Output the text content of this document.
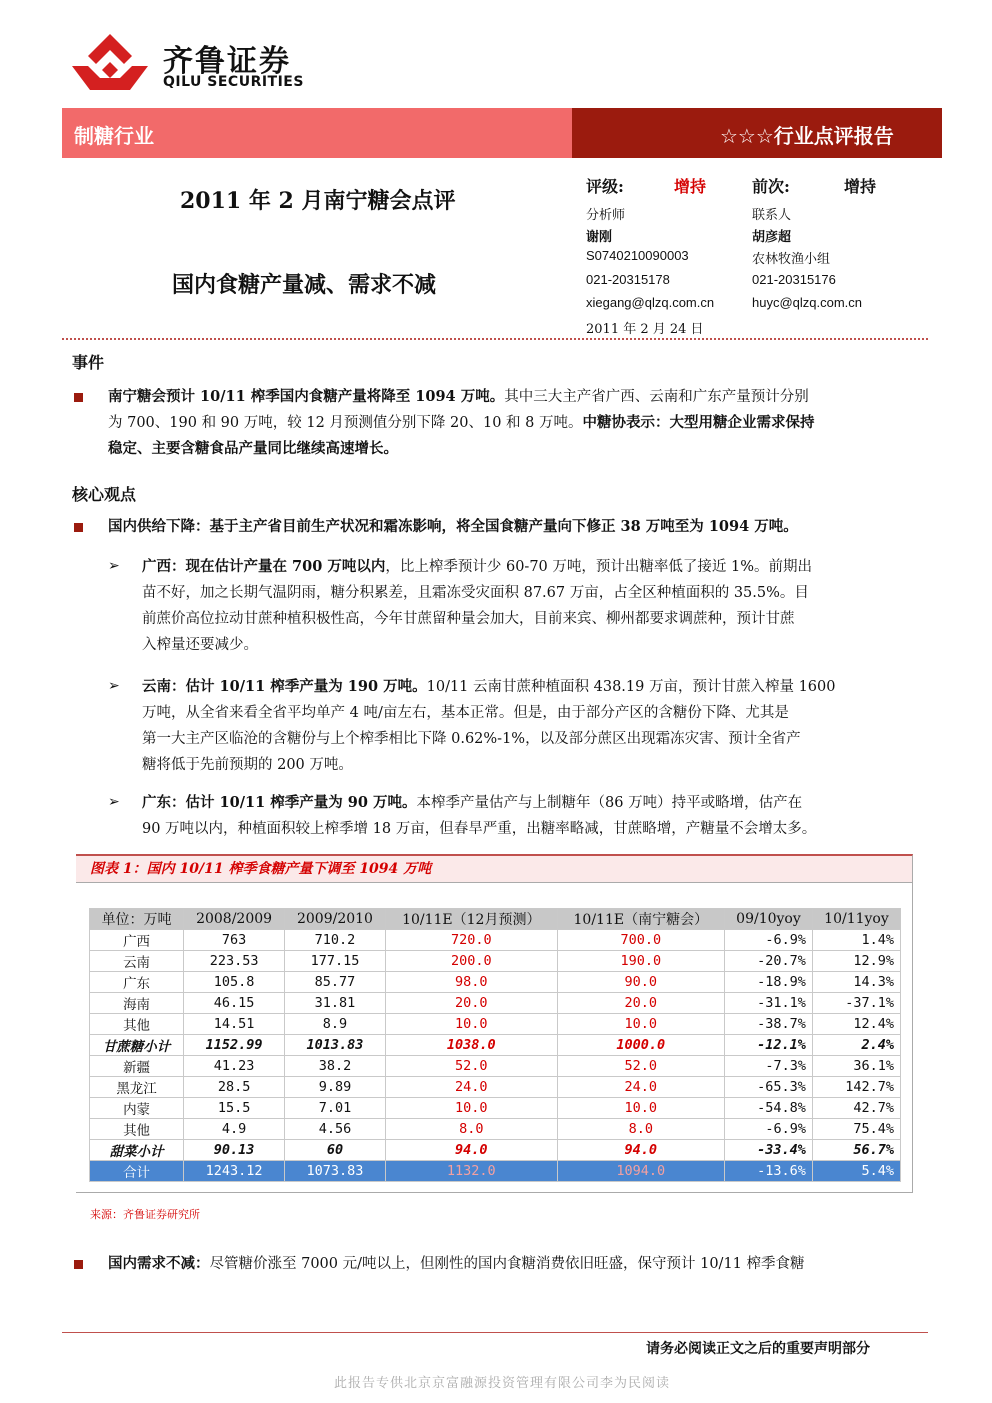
齐鲁证券
QILU SECURITIES
制糖行业	☆☆☆行业点评报告
2011 年 2 月南宁糖会点评
国内食糖产量减、需求不减
评级:	增持	前次:	增持
分析师
谢刚
S0740210090003
021-20315178
xiegang@qlzq.com.cn
2011 年 2 月 24 日
联系人
胡彦超
农林牧渔小组
021-20315176
huyc@qlzq.com.cn
事件
南宁糖会预计 10/11 榨季国内食糖产量将降至 1094 万吨。其中三大主产省广西、云南和广东产量预计分别
为 700、190 和 90 万吨，较 12 月预测值分别下降 20、10 和 8 万吨。中糖协表示：大型用糖企业需求保持
稳定、主要含糖食品产量同比继续高速增长。
核心观点
国内供给下降：基于主产省目前生产状况和霜冻影响，将全国食糖产量向下修正 38 万吨至为 1094 万吨。
➢ 广西：现在估计产量在 700 万吨以内，比上榨季预计少 60-70 万吨，预计出糖率低了接近 1%。前期出
苗不好，加之长期气温阴雨，糖分积累差，且霜冻受灾面积 87.67 万亩，占全区种植面积的 35.5%。目
前蔗价高位拉动甘蔗种植积极性高，今年甘蔗留种量会加大，目前来宾、柳州都要求调蔗种，预计甘蔗
入榨量还要减少。
➢ 云南：估计 10/11 榨季产量为 190 万吨。10/11 云南甘蔗种植面积 438.19 万亩，预计甘蔗入榨量 1600
万吨，从全省来看全省平均单产 4 吨/亩左右，基本正常。但是，由于部分产区的含糖份下降、尤其是
第一大主产区临沧的含糖份与上个榨季相比下降 0.62%-1%，以及部分蔗区出现霜冻灾害、预计全省产
糖将低于先前预期的 200 万吨。
➢ 广东：估计 10/11 榨季产量为 90 万吨。本榨季产量估产与上制糖年（86 万吨）持平或略增，估产在
90 万吨以内，种植面积较上榨季增 18 万亩，但春旱严重，出糖率略减，甘蔗略增，产糖量不会增太多。
图表 1：国内 10/11 榨季食糖产量下调至 1094 万吨
单位：万吨	2008/2009	2009/2010	10/11E（12月预测）	10/11E（南宁糖会）	09/10yoy	10/11yoy
广西	763	710.2	720.0	700.0	-6.9%	1.4%
云南	223.53	177.15	200.0	190.0	-20.7%	12.9%
广东	105.8	85.77	98.0	90.0	-18.9%	14.3%
海南	46.15	31.81	20.0	20.0	-31.1%	-37.1%
其他	14.51	8.9	10.0	10.0	-38.7%	12.4%
甘蔗糖小计	1152.99	1013.83	1038.0	1000.0	-12.1%	2.4%
新疆	41.23	38.2	52.0	52.0	-7.3%	36.1%
黑龙江	28.5	9.89	24.0	24.0	-65.3%	142.7%
内蒙	15.5	7.01	10.0	10.0	-54.8%	42.7%
其他	4.9	4.56	8.0	8.0	-6.9%	75.4%
甜菜小计	90.13	60	94.0	94.0	-33.4%	56.7%
合计	1243.12	1073.83	1132.0	1094.0	-13.6%	5.4%
来源：齐鲁证券研究所
国内需求不减：尽管糖价涨至 7000 元/吨以上，但刚性的国内食糖消费依旧旺盛，保守预计 10/11 榨季食糖
请务必阅读正文之后的重要声明部分
此报告专供北京京富融源投资管理有限公司李为民阅读
